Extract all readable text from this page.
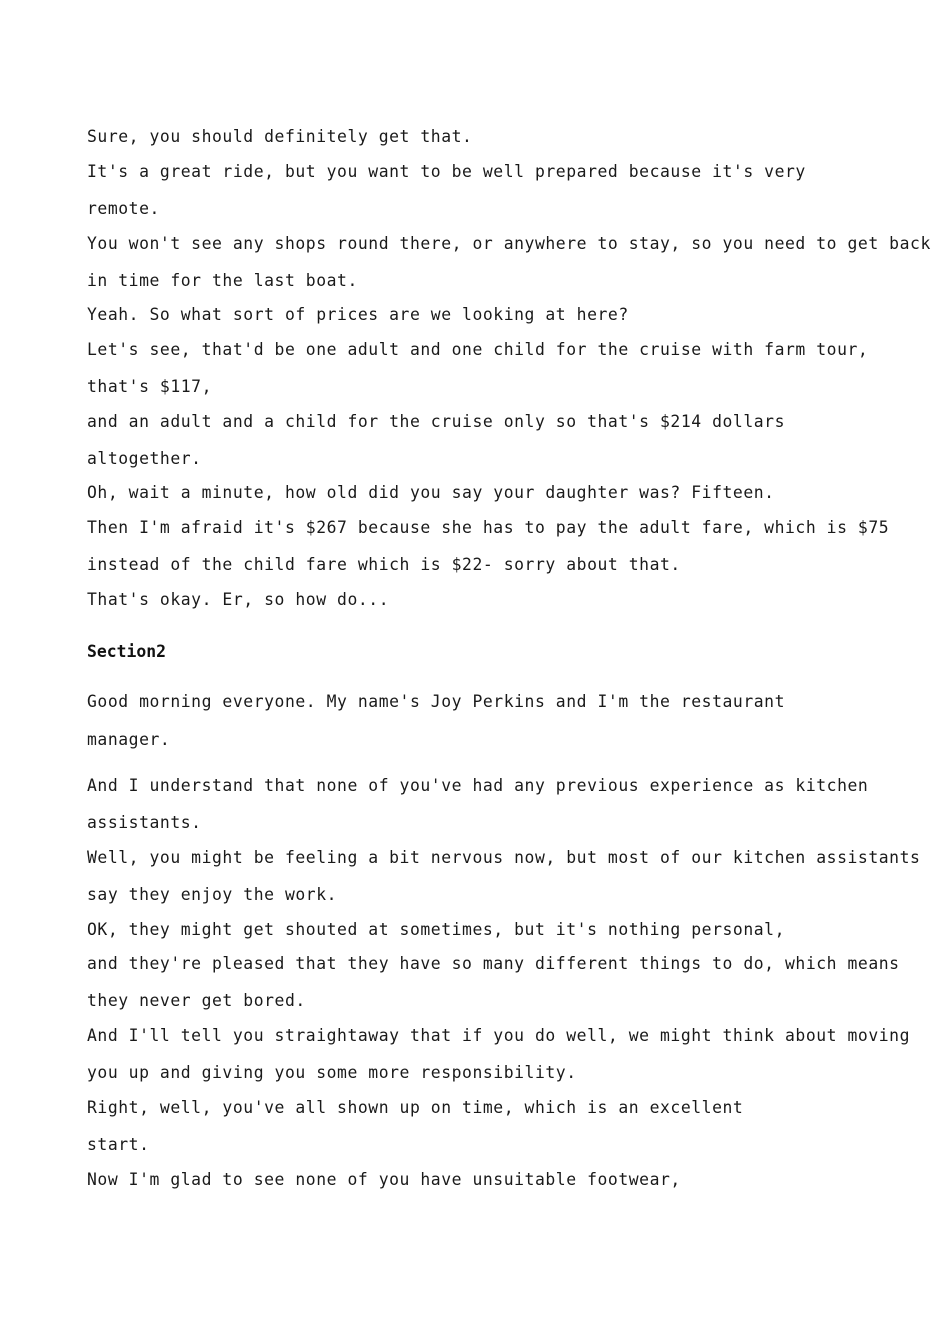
Sure, you should definitely get that.

It's a great ride, but you want to be well prepared because it's very

remote.

You won't see any shops round there, or anywhere to stay, so you need to get back

in time for the last boat.

Yeah. So what sort of prices are we looking at here?

Let's see, that'd be one adult and one child for the cruise with farm tour,

that's $117,

and an adult and a child for the cruise only so that's $214 dollars

altogether.

Oh, wait a minute, how old did you say your daughter was? Fifteen.

Then I'm afraid it's $267 because she has to pay the adult fare, which is $75

instead of the child fare which is $22- sorry about that.

That's okay. Er, so how do...

Section2

Good morning everyone. My name's Joy Perkins and I'm the restaurant

manager.

And I understand that none of you've had any previous experience as kitchen

assistants.

Well, you might be feeling a bit nervous now, but most of our kitchen assistants

say they enjoy the work.

OK, they might get shouted at sometimes, but it's nothing personal,

and they're pleased that they have so many different things to do, which means

they never get bored.

And I'll tell you straightaway that if you do well, we might think about moving

you up and giving you some more responsibility.

Right, well, you've all shown up on time, which is an excellent

start.

Now I'm glad to see none of you have unsuitable footwear,
